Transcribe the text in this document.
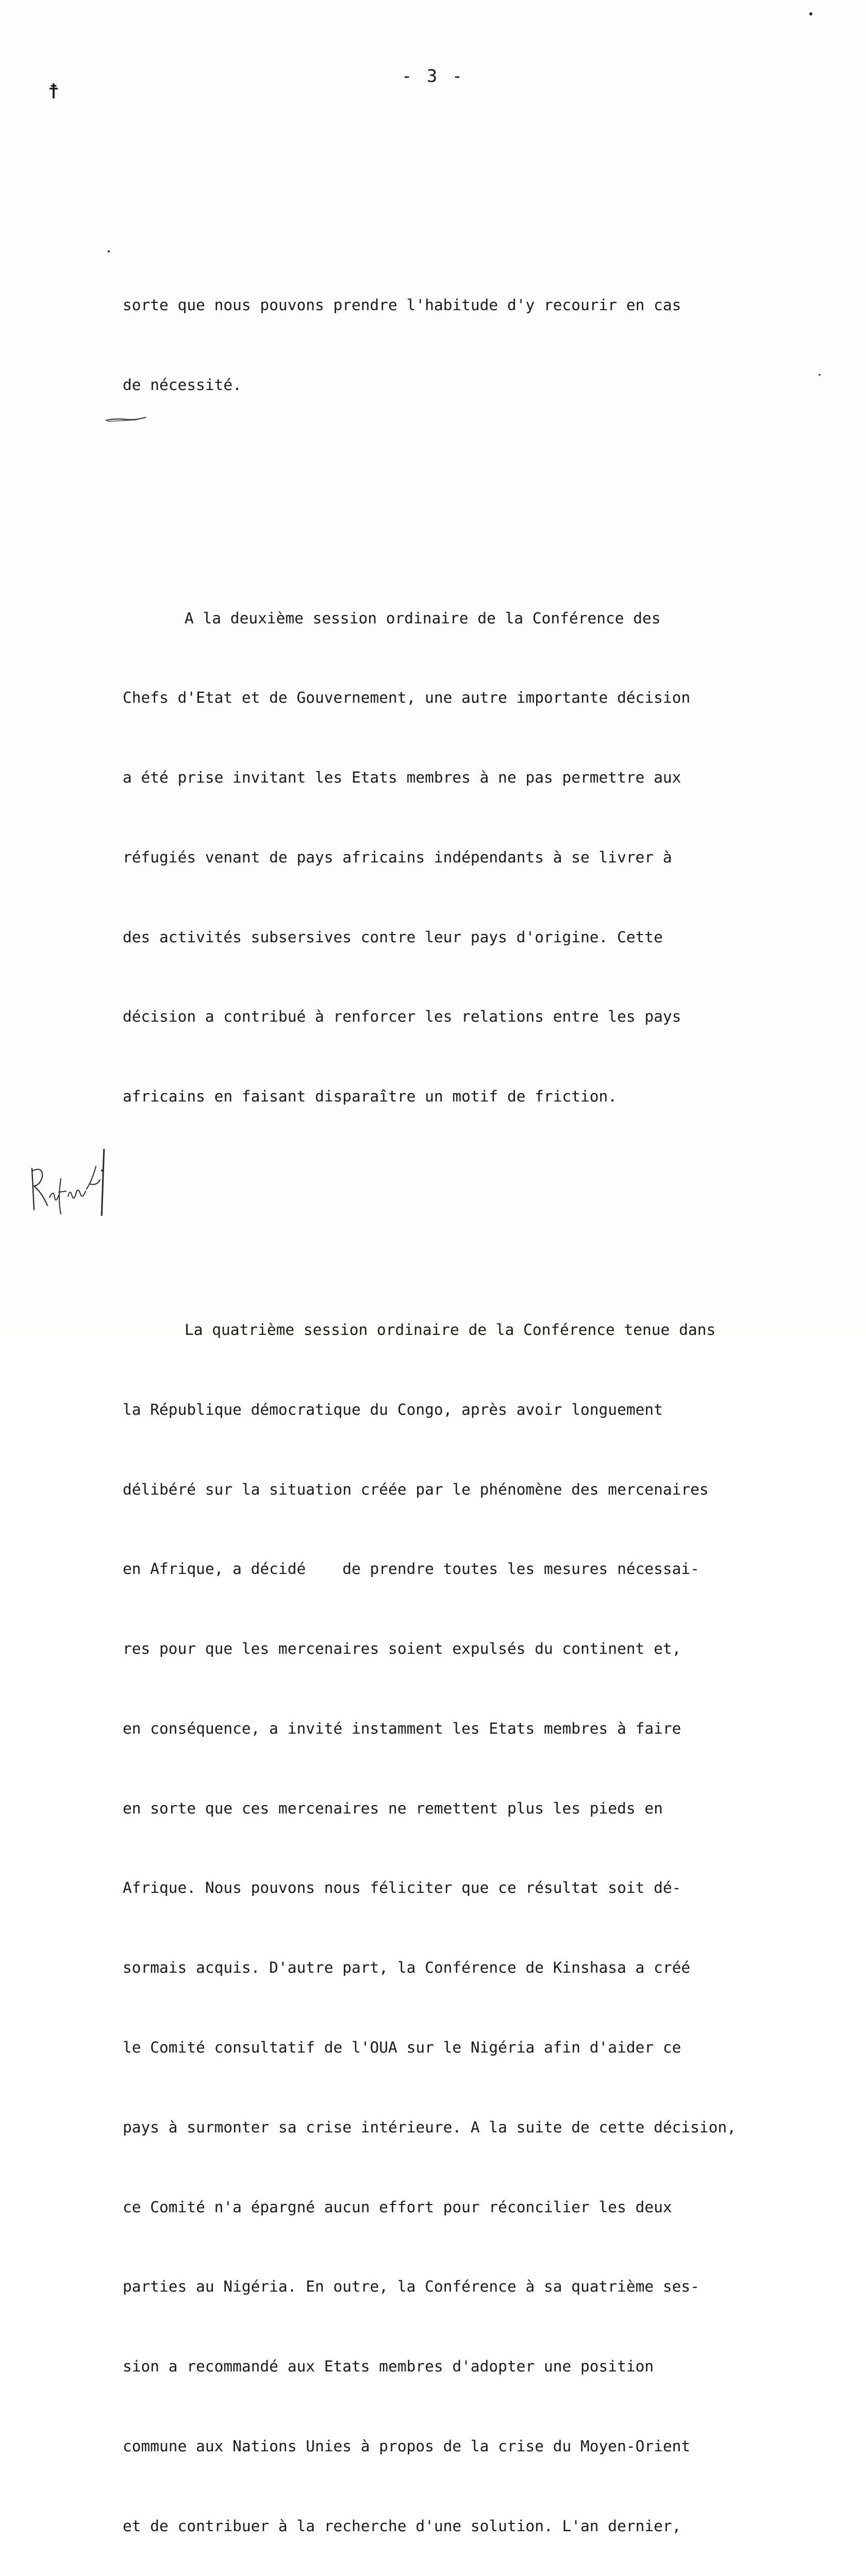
- 3 -
☨

sorte que nous pouvons prendre l'habitude d'y recourir en cas

de nécessité.

A la deuxième session ordinaire de la Conférence des

Chefs d'Etat et de Gouvernement, une autre importante décision

a été prise invitant les Etats membres à ne pas permettre aux

réfugiés venant de pays africains indépendants à se livrer à

des activités subsersives contre leur pays d'origine. Cette

décision a contribué à renforcer les relations entre les pays

africains en faisant disparaître un motif de friction.

La quatrième session ordinaire de la Conférence tenue dans

la République démocratique du Congo, après avoir longuement

délibéré sur la situation créée par le phénomène des mercenaires

en Afrique, a décidé    de prendre toutes les mesures nécessai-

res pour que les mercenaires soient expulsés du continent et,

en conséquence, a invité instamment les Etats membres à faire

en sorte que ces mercenaires ne remettent plus les pieds en

Afrique. Nous pouvons nous féliciter que ce résultat soit dé-

sormais acquis. D'autre part, la Conférence de Kinshasa a créé

le Comité consultatif de l'OUA sur le Nigéria afin d'aider ce

pays à surmonter sa crise intérieure. A la suite de cette décision,

ce Comité n'a épargné aucun effort pour réconcilier les deux

parties au Nigéria. En outre, la Conférence à sa quatrième ses-

sion a recommandé aux Etats membres d'adopter une position

commune aux Nations Unies à propos de la crise du Moyen-Orient

et de contribuer à la recherche d'une solution. L'an dernier,
